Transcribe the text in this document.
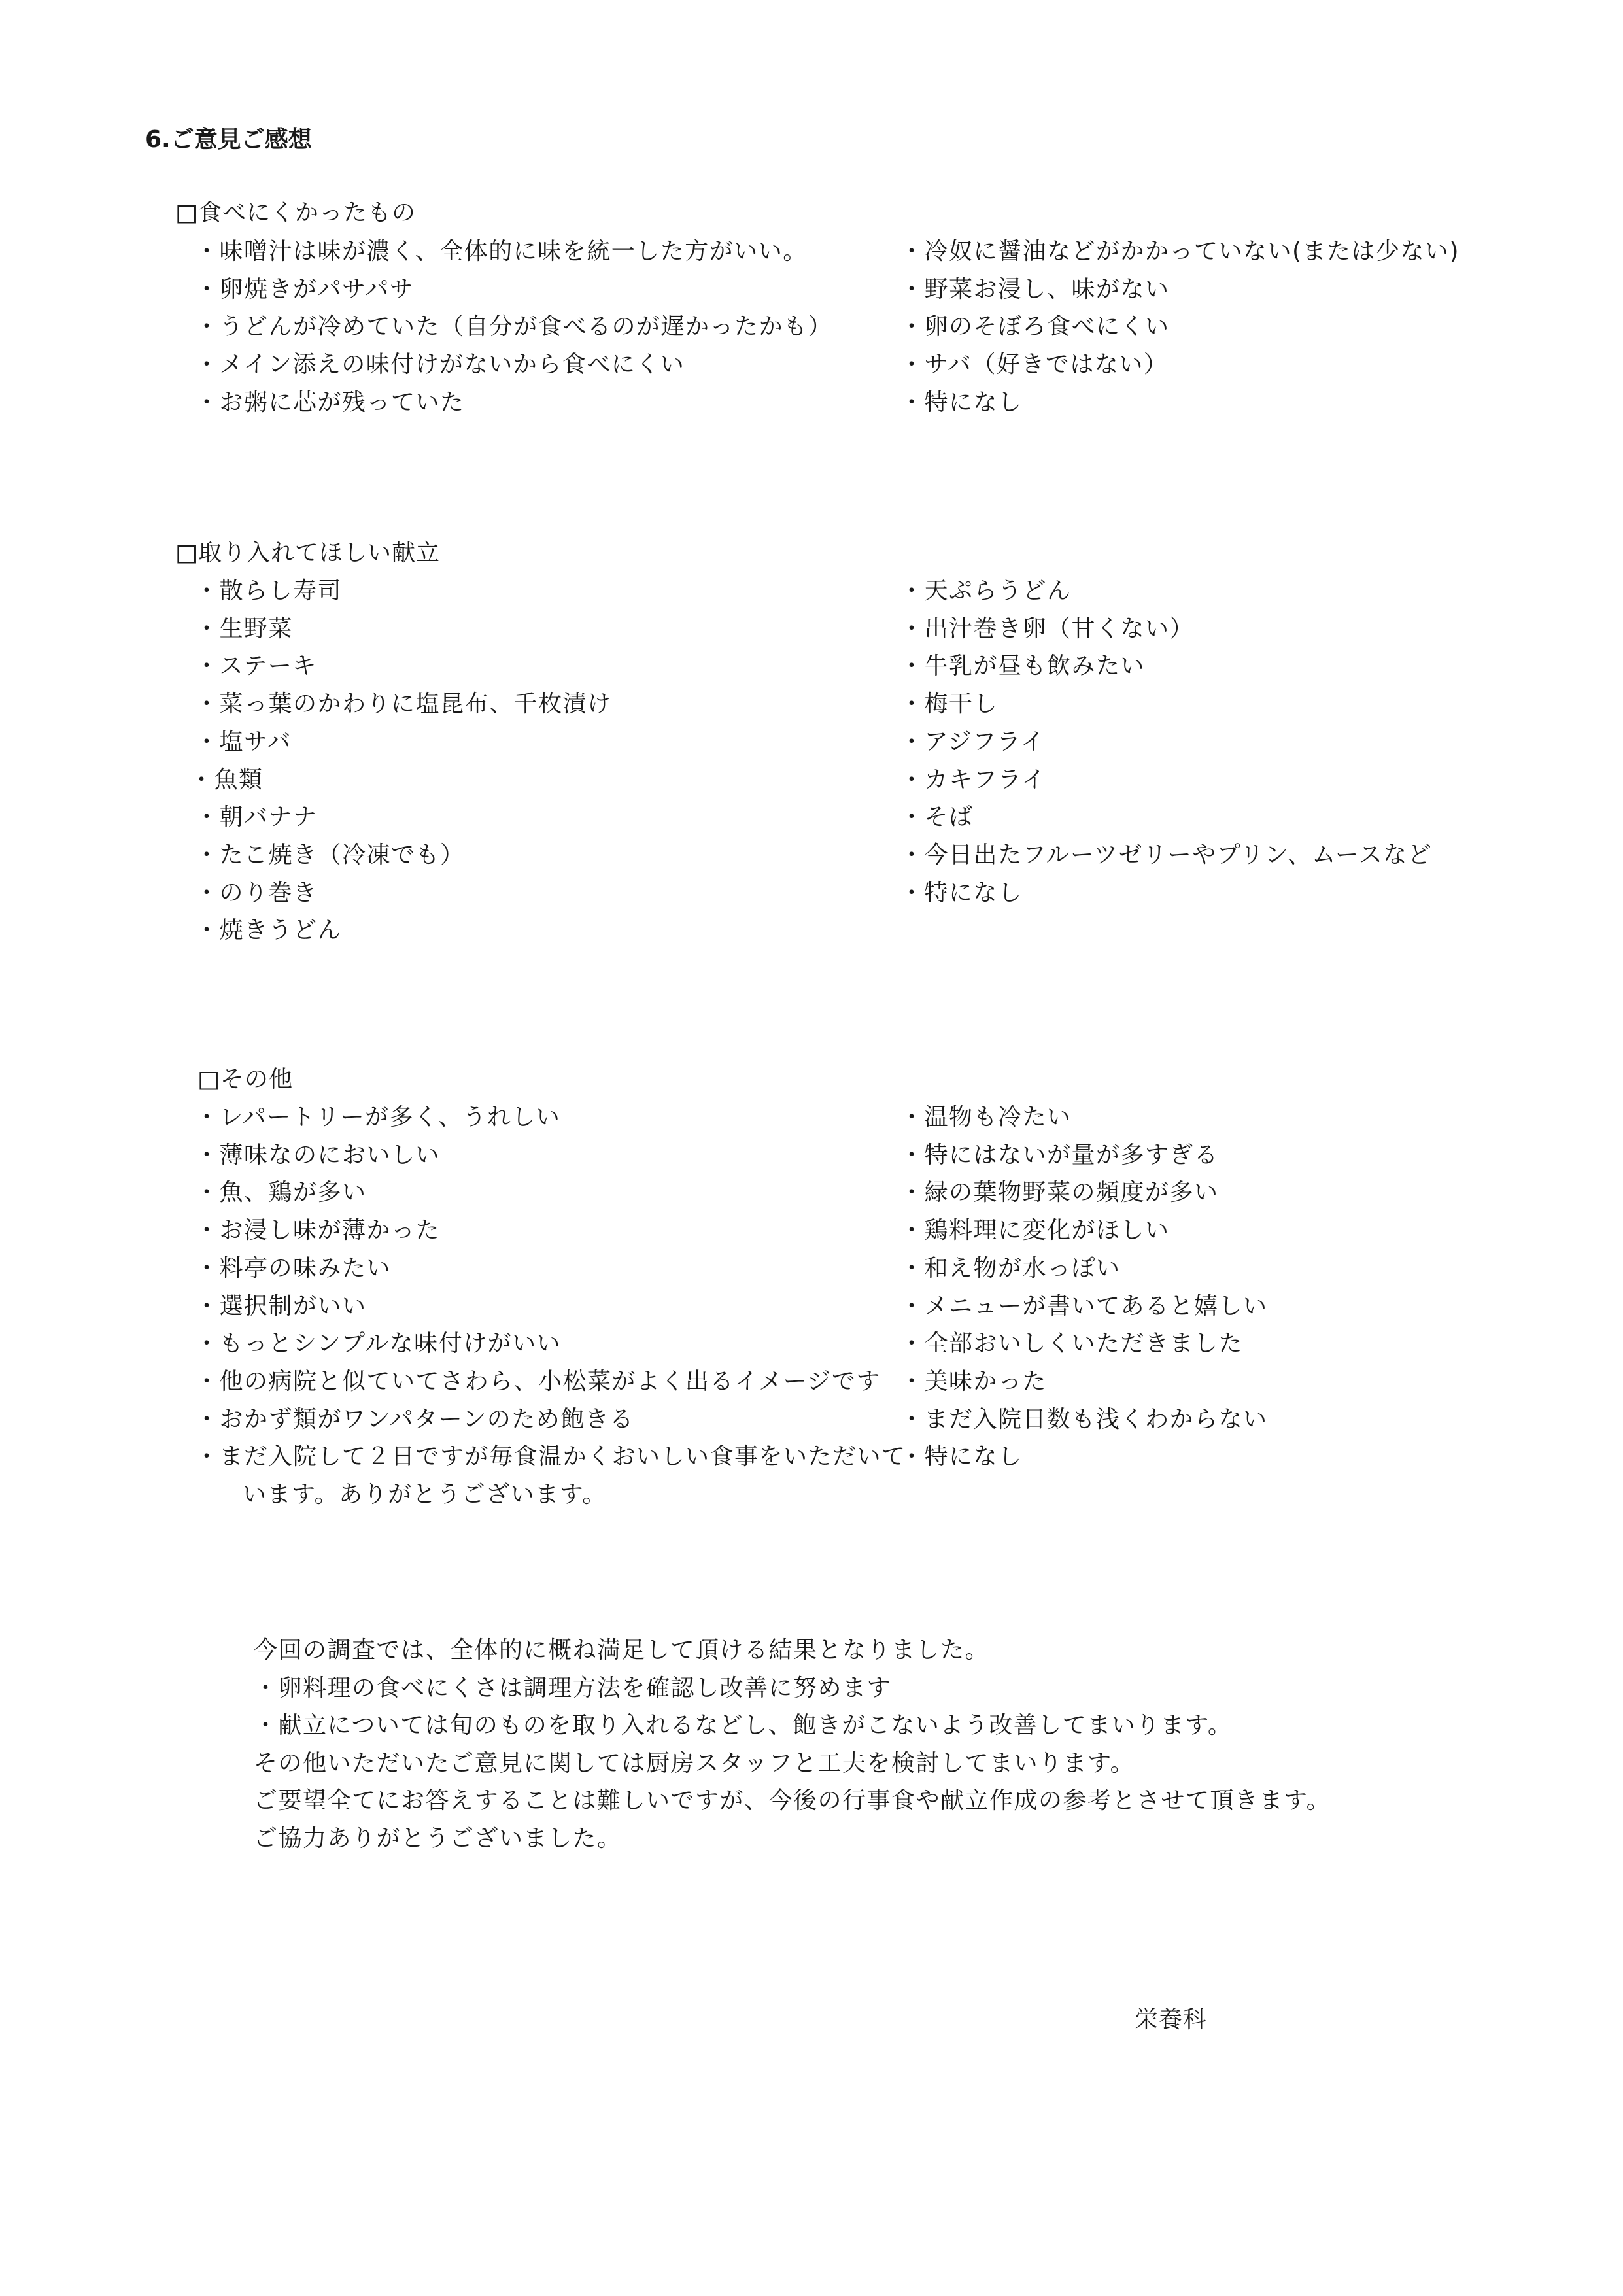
6.ご意見ご感想
□食べにくかったもの
・味噌汁は味が濃く、全体的に味を統一した方がいい。
・卵焼きがパサパサ
・うどんが冷めていた（自分が食べるのが遅かったかも）
・メイン添えの味付けがないから食べにくい
・お粥に芯が残っていた
・冷奴に醤油などがかかっていない(または少ない)
・野菜お浸し、味がない
・卵のそぼろ食べにくい
・サバ（好きではない）
・特になし
□取り入れてほしい献立
・散らし寿司
・生野菜
・ステーキ
・菜っ葉のかわりに塩昆布、千枚漬け
・塩サバ
・魚類
・朝バナナ
・たこ焼き（冷凍でも）
・のり巻き
・焼きうどん
・天ぷらうどん
・出汁巻き卵（甘くない）
・牛乳が昼も飲みたい
・梅干し
・アジフライ
・カキフライ
・そば
・今日出たフルーツゼリーやプリン、ムースなど
・特になし
□その他
・レパートリーが多く、うれしい
・薄味なのにおいしい
・魚、鶏が多い
・お浸し味が薄かった
・料亭の味みたい
・選択制がいい
・もっとシンプルな味付けがいい
・他の病院と似ていてさわら、小松菜がよく出るイメージです
・おかず類がワンパターンのため飽きる
・まだ入院して２日ですが毎食温かくおいしい食事をいただいています。ありがとうございます。
・温物も冷たい
・特にはないが量が多すぎる
・緑の葉物野菜の頻度が多い
・鶏料理に変化がほしい
・和え物が水っぽい
・メニューが書いてあると嬉しい
・全部おいしくいただきました
・美味かった
・まだ入院日数も浅くわからない
・特になし
今回の調査では、全体的に概ね満足して頂ける結果となりました。
・卵料理の食べにくさは調理方法を確認し改善に努めます
・献立については旬のものを取り入れるなどし、飽きがこないよう改善してまいります。
その他いただいたご意見に関しては厨房スタッフと工夫を検討してまいります。
ご要望全てにお答えすることは難しいですが、今後の行事食や献立作成の参考とさせて頂きます。
ご協力ありがとうございました。
栄養科
